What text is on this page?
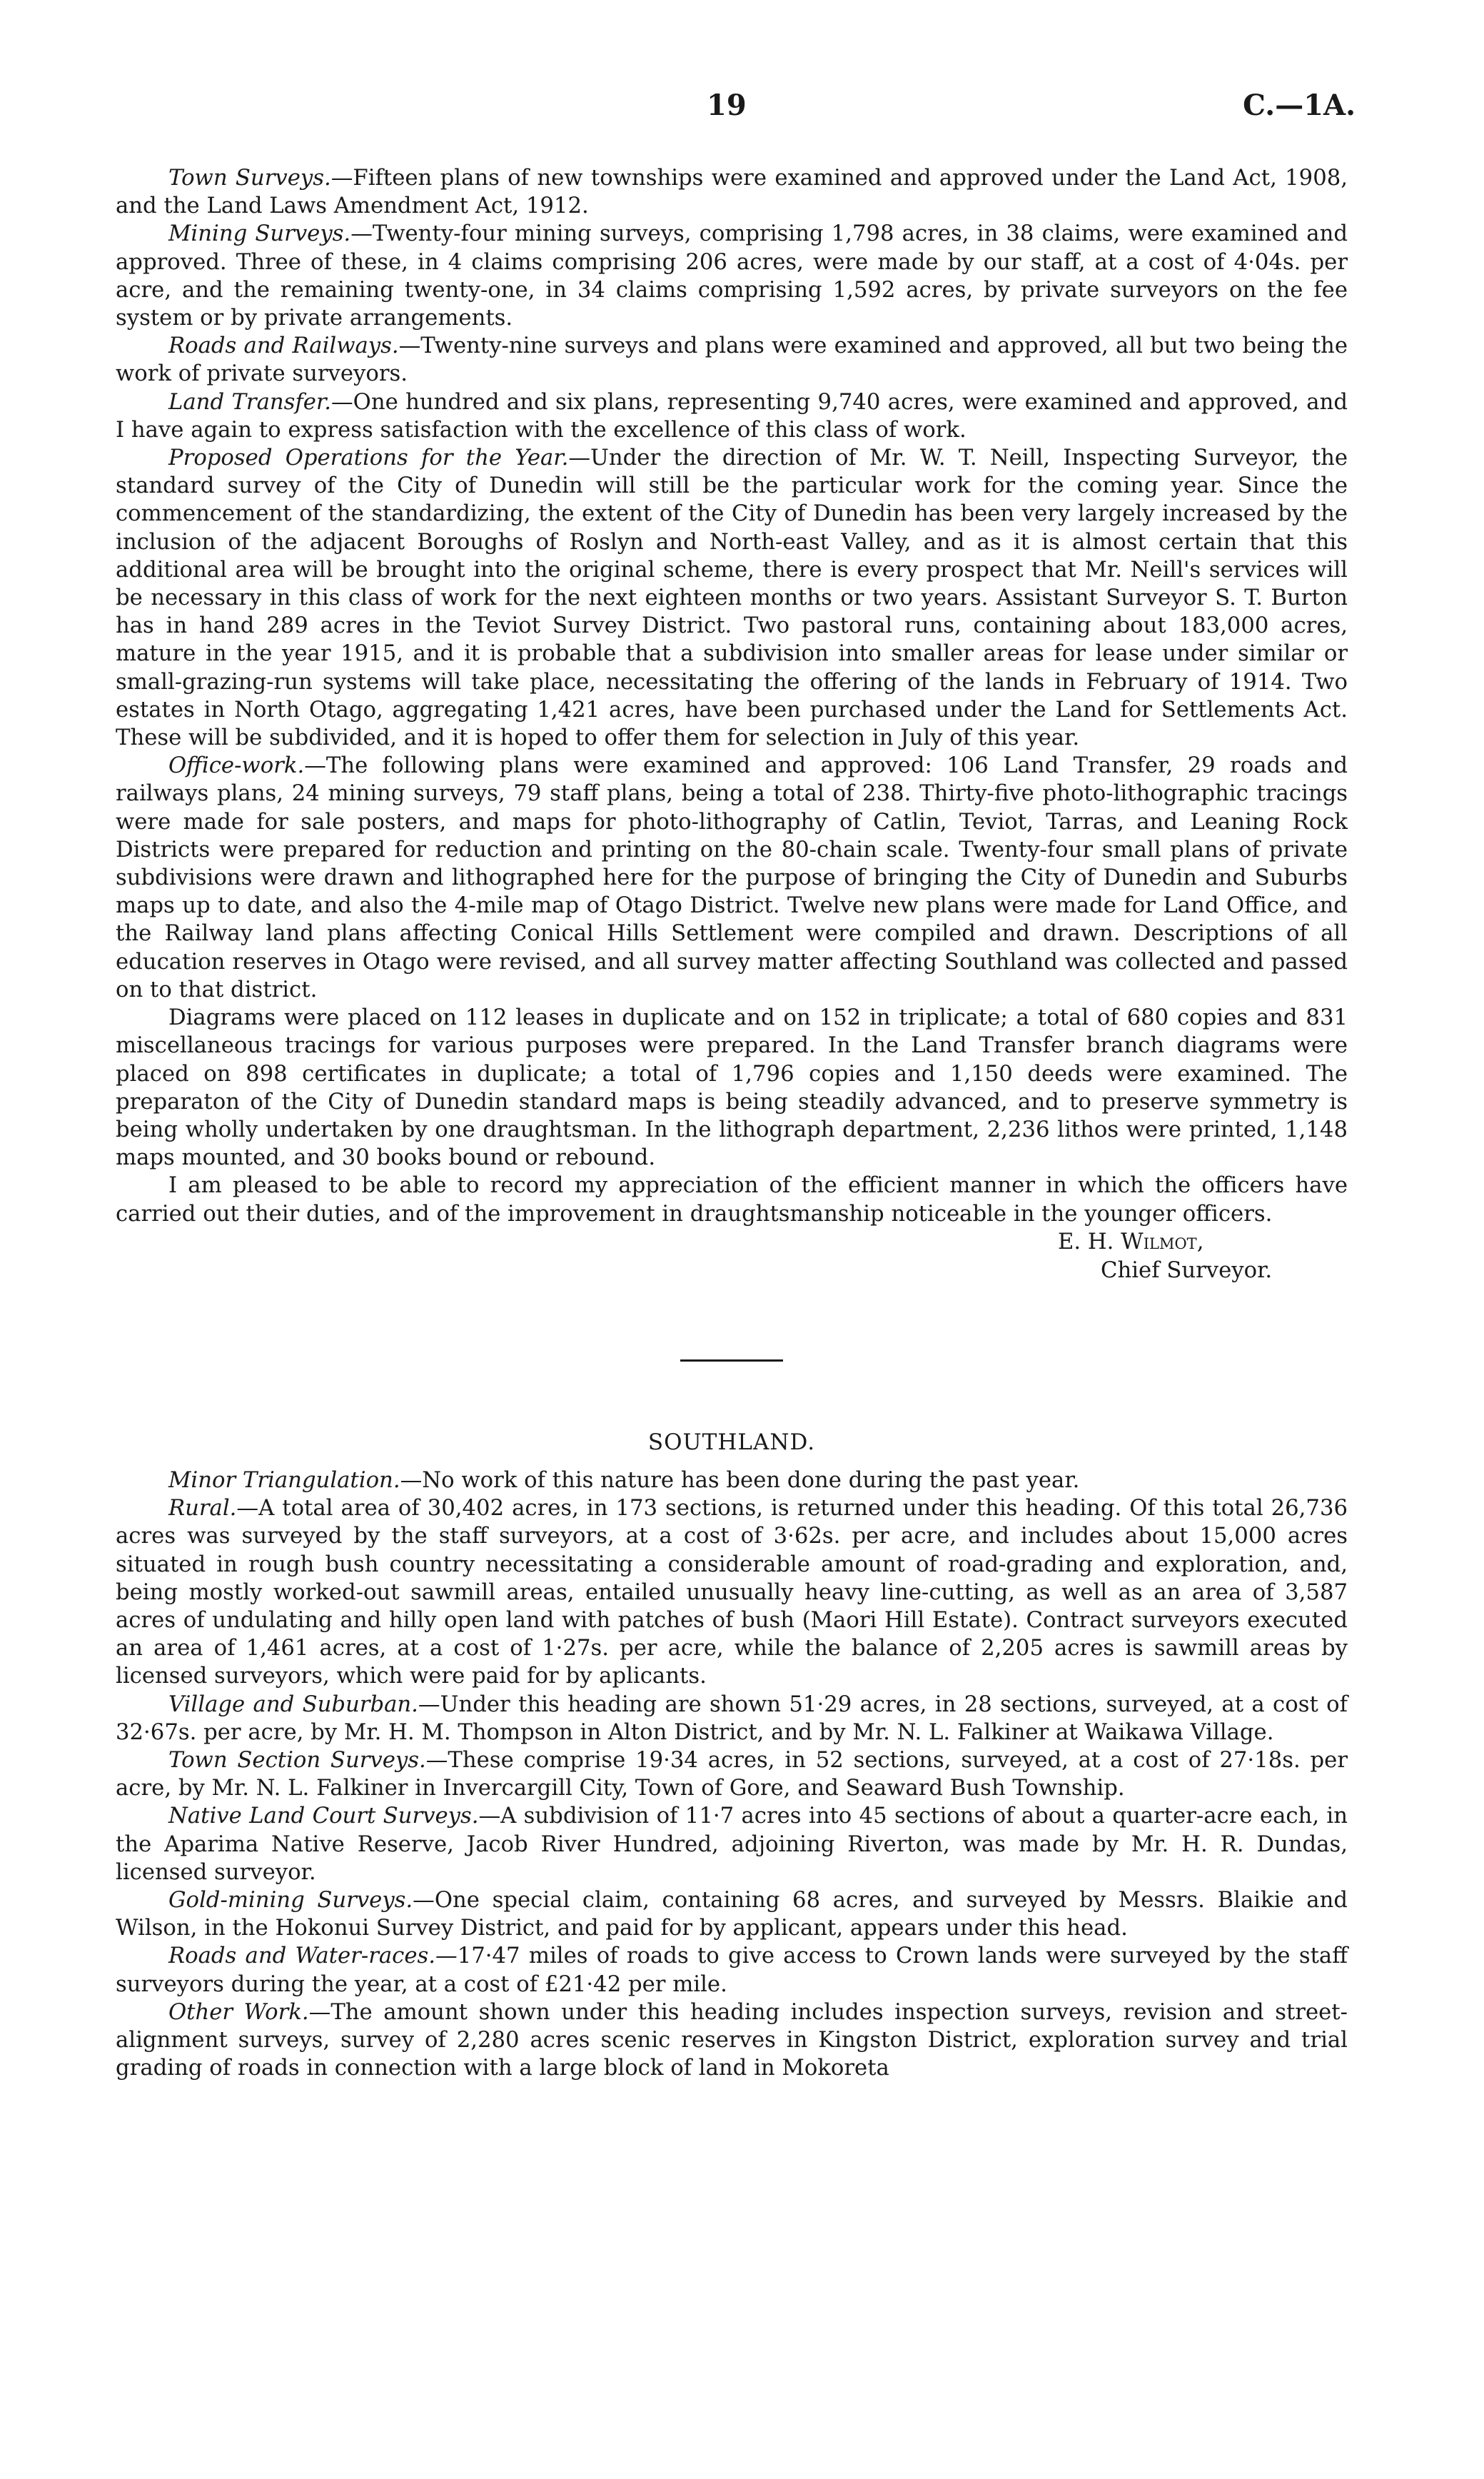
19	C.—1A.

Town Surveys.—Fifteen plans of new townships were examined and approved under the Land Act, 1908, and the Land Laws Amendment Act, 1912.

Mining Surveys.—Twenty-four mining surveys, comprising 1,798 acres, in 38 claims, were examined and approved. Three of these, in 4 claims comprising 206 acres, were made by our staff, at a cost of 4·04s. per acre, and the remaining twenty-one, in 34 claims comprising 1,592 acres, by private surveyors on the fee system or by private arrangements.

Roads and Railways.—Twenty-nine surveys and plans were examined and approved, all but two being the work of private surveyors.

Land Transfer.—One hundred and six plans, representing 9,740 acres, were examined and approved, and I have again to express satisfaction with the excellence of this class of work.

Proposed Operations for the Year.—Under the direction of Mr. W. T. Neill, Inspecting Surveyor, the standard survey of the City of Dunedin will still be the particular work for the coming year. Since the commencement of the standardizing, the extent of the City of Dunedin has been very largely increased by the inclusion of the adjacent Boroughs of Roslyn and North-east Valley, and as it is almost certain that this additional area will be brought into the original scheme, there is every prospect that Mr. Neill's services will be necessary in this class of work for the next eighteen months or two years. Assistant Surveyor S. T. Burton has in hand 289 acres in the Teviot Survey District. Two pastoral runs, containing about 183,000 acres, mature in the year 1915, and it is probable that a subdivision into smaller areas for lease under similar or small-grazing-run systems will take place, necessitating the offering of the lands in February of 1914. Two estates in North Otago, aggregating 1,421 acres, have been purchased under the Land for Settlements Act. These will be subdivided, and it is hoped to offer them for selection in July of this year.

Office-work.—The following plans were examined and approved: 106 Land Transfer, 29 roads and railways plans, 24 mining surveys, 79 staff plans, being a total of 238. Thirty-five photo-lithographic tracings were made for sale posters, and maps for photo-lithography of Catlin, Teviot, Tarras, and Leaning Rock Districts were prepared for reduction and printing on the 80-chain scale. Twenty-four small plans of private subdivisions were drawn and lithographed here for the purpose of bringing the City of Dunedin and Suburbs maps up to date, and also the 4-mile map of Otago District. Twelve new plans were made for Land Office, and the Railway land plans affecting Conical Hills Settlement were compiled and drawn. Descriptions of all education reserves in Otago were revised, and all survey matter affecting Southland was collected and passed on to that district.

Diagrams were placed on 112 leases in duplicate and on 152 in triplicate; a total of 680 copies and 831 miscellaneous tracings for various purposes were prepared. In the Land Transfer branch diagrams were placed on 898 certificates in duplicate; a total of 1,796 copies and 1,150 deeds were examined. The preparaton of the City of Dunedin standard maps is being steadily advanced, and to preserve symmetry is being wholly undertaken by one draughtsman. In the lithograph department, 2,236 lithos were printed, 1,148 maps mounted, and 30 books bound or rebound.

I am pleased to be able to record my appreciation of the efficient manner in which the officers have carried out their duties, and of the improvement in draughtsmanship noticeable in the younger officers.

E. H. Wilmot,
Chief Surveyor.
SOUTHLAND.

Minor Triangulation.—No work of this nature has been done during the past year.

Rural.—A total area of 30,402 acres, in 173 sections, is returned under this heading. Of this total 26,736 acres was surveyed by the staff surveyors, at a cost of 3·62s. per acre, and includes about 15,000 acres situated in rough bush country necessitating a considerable amount of road-grading and exploration, and, being mostly worked-out sawmill areas, entailed unusually heavy line-cutting, as well as an area of 3,587 acres of undulating and hilly open land with patches of bush (Maori Hill Estate). Contract surveyors executed an area of 1,461 acres, at a cost of 1·27s. per acre, while the balance of 2,205 acres is sawmill areas by licensed surveyors, which were paid for by aplicants.

Village and Suburban.—Under this heading are shown 51·29 acres, in 28 sections, surveyed, at a cost of 32·67s. per acre, by Mr. H. M. Thompson in Alton District, and by Mr. N. L. Falkiner at Waikawa Village.

Town Section Surveys.—These comprise 19·34 acres, in 52 sections, surveyed, at a cost of 27·18s. per acre, by Mr. N. L. Falkiner in Invercargill City, Town of Gore, and Seaward Bush Township.

Native Land Court Surveys.—A subdivision of 11·7 acres into 45 sections of about a quarter-acre each, in the Aparima Native Reserve, Jacob River Hundred, adjoining Riverton, was made by Mr. H. R. Dundas, licensed surveyor.

Gold-mining Surveys.—One special claim, containing 68 acres, and surveyed by Messrs. Blaikie and Wilson, in the Hokonui Survey District, and paid for by applicant, appears under this head.

Roads and Water-races.—17·47 miles of roads to give access to Crown lands were surveyed by the staff surveyors during the year, at a cost of £21·42 per mile.

Other Work.—The amount shown under this heading includes inspection surveys, revision and street-alignment surveys, survey of 2,280 acres scenic reserves in Kingston District, exploration survey and trial grading of roads in connection with a large block of land in Mokoreta
